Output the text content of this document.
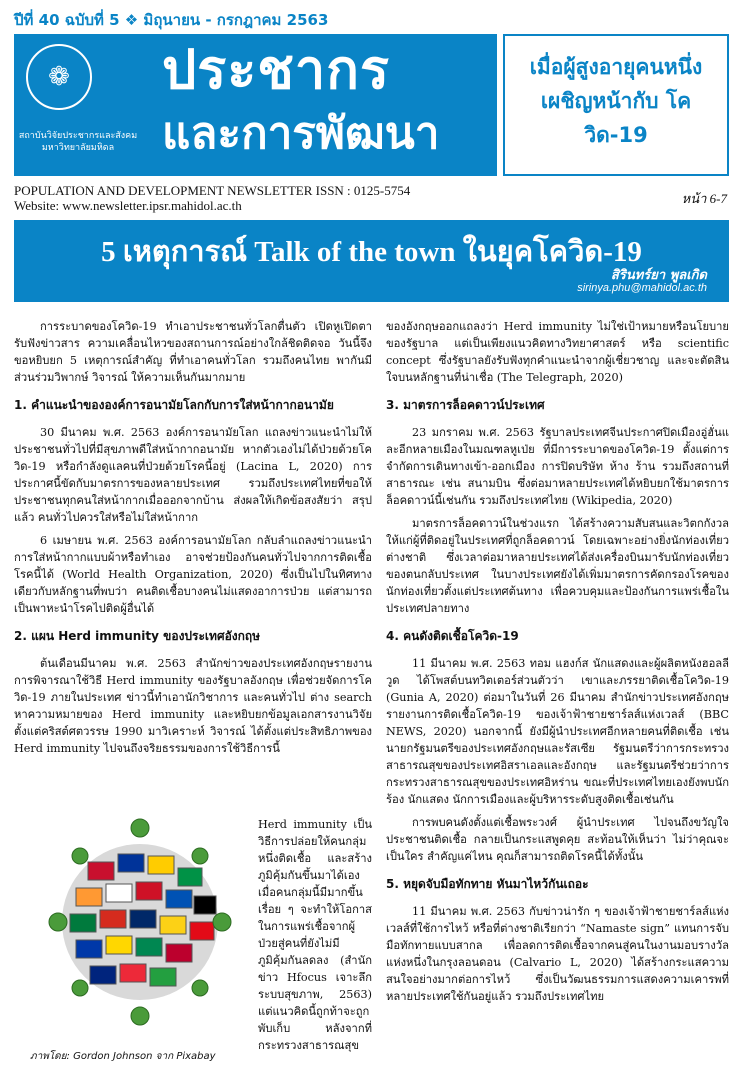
ปีที่ 40 ฉบับที่ 5 ❖ มิถุนายน - กรกฎาคม 2563
❁
สถาบันวิจัยประชากรและสังคม มหาวิทยาลัยมหิดล
ประชากร
และการพัฒนา
เมื่อผู้สูงอายุคนหนึ่ง เผชิญหน้ากับ โควิด-19
POPULATION AND DEVELOPMENT NEWSLETTER ISSN : 0125-5754
Website: www.newsletter.ipsr.mahidol.ac.th	หน้า 6-7
5 เหตุการณ์ Talk of the town ในยุคโควิด-19
สิรินทร์ยา พูลเกิด
sirinya.phu@mahidol.ac.th

การระบาดของโควิด-19 ทำเอาประชาชนทั่วโลกตื่นตัว เปิดหูเปิดตา รับฟังข่าวสาร ความเคลื่อนไหวของสถานการณ์อย่างใกล้ชิดติดจอ วันนี้จึงขอหยิบยก 5 เหตุการณ์สำคัญ ที่ทำเอาคนทั่วโลก รวมถึงคนไทย พากันมีส่วนร่วมวิพากษ์ วิจารณ์ ให้ความเห็นกันมากมาย

1. คำแนะนำขององค์การอนามัยโลกกับการใส่หน้ากากอนามัย

30 มีนาคม พ.ศ. 2563 องค์การอนามัยโลก แถลงข่าวแนะนำไม่ให้ประชาชนทั่วไปที่มีสุขภาพดีใส่หน้ากากอนามัย หากตัวเองไม่ได้ป่วยด้วยโควิด-19 หรือกำลังดูแลคนที่ป่วยด้วยโรคนี้อยู่ (Lacina L, 2020) การประกาศนี้ขัดกับมาตรการของหลายประเทศ รวมถึงประเทศไทยที่ขอให้ประชาชนทุกคนใส่หน้ากากเมื่อออกจากบ้าน ส่งผลให้เกิดข้อสงสัยว่า สรุปแล้ว คนทั่วไปควรใส่หรือไม่ใส่หน้ากาก

6 เมษายน พ.ศ. 2563 องค์การอนามัยโลก กลับลำแถลงข่าวแนะนำการใส่หน้ากากแบบผ้าหรือทำเอง อาจช่วยป้องกันคนทั่วไปจากการติดเชื้อโรคนี้ได้ (World Health Organization, 2020) ซึ่งเป็นไปในทิศทางเดียวกับหลักฐานที่พบว่า คนติดเชื้อบางคนไม่แสดงอาการป่วย แต่สามารถเป็นพาหะนำโรคไปติดผู้อื่นได้

2. แผน Herd immunity ของประเทศอังกฤษ

ต้นเดือนมีนาคม พ.ศ. 2563 สำนักข่าวของประเทศอังกฤษรายงานการพิจารณาใช้วิธี Herd immunity ของรัฐบาลอังกฤษ เพื่อช่วยจัดการโควิด-19 ภายในประเทศ ข่าวนี้ทำเอานักวิชาการ และคนทั่วไป ต่าง search หาความหมายของ Herd immunity และหยิบยกข้อมูลเอกสารงานวิจัยตั้งแต่คริสต์ศตวรรษ 1990 มาวิเคราะห์ วิจารณ์ ได้ตั้งแต่ประสิทธิภาพของ Herd immunity ไปจนถึงจริยธรรมของการใช้วิธีการนี้

Herd immunity เป็นวิธีการปล่อยให้คนกลุ่มหนึ่งติดเชื้อ และสร้างภูมิคุ้มกันขึ้นมาได้เอง เมื่อคนกลุ่มนี้มีมากขึ้นเรื่อย ๆ จะทำให้โอกาสในการแพร่เชื้อจากผู้ป่วยสู่คนที่ยังไม่มีภูมิคุ้มกันลดลง (สำนักข่าว Hfocus เจาะลึกระบบสุขภาพ, 2563) แต่แนวคิดนี้ถูกท้าจะถูกพับเก็บ หลังจากที่กระทรวงสาธารณสุข
ภาพโดย: Gordon Johnson จาก Pixabay

ของอังกฤษออกแถลงว่า Herd immunity ไม่ใช่เป้าหมายหรือนโยบายของรัฐบาล แต่เป็นเพียงแนวคิดทางวิทยาศาสตร์ หรือ scientific concept ซึ่งรัฐบาลยังรับฟังทุกคำแนะนำจากผู้เชี่ยวชาญ และจะตัดสินใจบนหลักฐานที่น่าเชื่อ (The Telegraph, 2020)

3. มาตรการล็อคดาวน์ประเทศ

23 มกราคม พ.ศ. 2563 รัฐบาลประเทศจีนประกาศปิดเมืองอู่ฮั่นและอีกหลายเมืองในมณฑลหูเป่ย ที่มีการระบาดของโควิด-19 ตั้งแต่การจำกัดการเดินทางเข้า-ออกเมือง การปิดบริษัท ห้าง ร้าน รวมถึงสถานที่สาธารณะ เช่น สนามบิน ซึ่งต่อมาหลายประเทศได้หยิบยกใช้มาตรการล็อคดาวน์นี้เช่นกัน รวมถึงประเทศไทย (Wikipedia, 2020)

มาตรการล็อคดาวน์ในช่วงแรก ได้สร้างความสับสนและวิตกกังวลให้แก่ผู้ที่ติดอยู่ในประเทศที่ถูกล็อคดาวน์ โดยเฉพาะอย่างยิ่งนักท่องเที่ยวต่างชาติ ซึ่งเวลาต่อมาหลายประเทศได้ส่งเครื่องบินมารับนักท่องเที่ยวของตนกลับประเทศ ในบางประเทศยังได้เพิ่มมาตรการคัดกรองโรคของนักท่องเที่ยวตั้งแต่ประเทศต้นทาง เพื่อควบคุมและป้องกันการแพร่เชื้อในประเทศปลายทาง

4. คนดังติดเชื้อโควิด-19

11 มีนาคม พ.ศ. 2563 ทอม แฮงก์ส นักแสดงและผู้ผลิตหนังฮอลลีวูด ได้โพสต์บนทวิตเตอร์ส่วนตัวว่า เขาและภรรยาติดเชื้อโควิด-19 (Gunia A, 2020) ต่อมาในวันที่ 26 มีนาคม สำนักข่าวประเทศอังกฤษรายงานการติดเชื้อโควิด-19 ของเจ้าฟ้าชายชาร์ลส์แห่งเวลส์ (BBC NEWS, 2020) นอกจากนี้ ยังมีผู้นำประเทศอีกหลายคนที่ติดเชื้อ เช่น นายกรัฐมนตรีของประเทศอังกฤษและรัสเซีย รัฐมนตรีว่าการกระทรวงสาธารณสุขของประเทศอิสราเอลและอังกฤษ และรัฐมนตรีช่วยว่าการกระทรวงสาธารณสุขของประเทศอิหร่าน ขณะที่ประเทศไทยเองยังพบนักร้อง นักแสดง นักการเมืองและผู้บริหารระดับสูงติดเชื้อเช่นกัน

การพบคนดังตั้งแต่เชื้อพระวงศ์ ผู้นำประเทศ ไปจนถึงขวัญใจประชาชนติดเชื้อ กลายเป็นกระแสพูดคุย สะท้อนให้เห็นว่า ไม่ว่าคุณจะเป็นใคร สำคัญแค่ไหน คุณก็สามารถติดโรคนี้ได้ทั้งนั้น

5. หยุดจับมือทักทาย หันมาไหว้กันเถอะ

11 มีนาคม พ.ศ. 2563 กับข่าวน่ารัก ๆ ของเจ้าฟ้าชายชาร์ลส์แห่งเวลส์ที่ใช้การไหว้ หรือที่ต่างชาติเรียกว่า “Namaste sign” แทนการจับมือทักทายแบบสากล เพื่อลดการติดเชื้อจากคนสู่คนในงานมอบรางวัลแห่งหนึ่งในกรุงลอนดอน (Calvario L, 2020) ได้สร้างกระแสความสนใจอย่างมากต่อการไหว้ ซึ่งเป็นวัฒนธรรมการแสดงความเคารพที่หลายประเทศใช้กันอยู่แล้ว รวมถึงประเทศไทย
